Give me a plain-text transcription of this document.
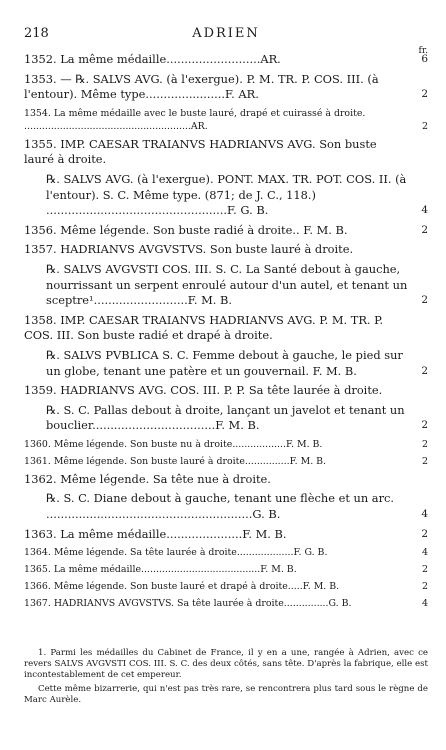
218	ADRIEN
fr.
1352. La même médaille..........................AR.	6
1353. — ℞. SALVS AVG. (à l'exergue). P. M. TR. P. COS. III. (à l'entour). Même type......................F. AR.	2
1354. La même médaille avec le buste lauré, drapé et cuirassé à droite. ........................................................AR.	2
1355. IMP. CAESAR TRAIANVS HADRIANVS AVG. Son buste lauré à droite.
℞. SALVS AVG. (à l'exergue). PONT. MAX. TR. POT. COS. II. (à l'entour). S. C. Même type. (871; de J. C., 118.) ..................................................F. G. B.	4
1356. Même légende. Son buste radié à droite.. F. M. B.	2
1357. HADRIANVS AVGVSTVS. Son buste lauré à droite.
℞. SALVS AVGVSTI COS. III. S. C. La Santé debout à gauche, nourrissant un serpent enroulé autour d'un autel, et tenant un sceptre¹..........................F. M. B.	2
1358. IMP. CAESAR TRAIANVS HADRIANVS AVG. P. M. TR. P. COS. III. Son buste radié et drapé à droite.
℞. SALVS PVBLICA S. C. Femme debout à gauche, le pied sur un globe, tenant une patère et un gouvernail. F. M. B.	2
1359. HADRIANVS AVG. COS. III. P. P. Sa tête laurée à droite.
℞. S. C. Pallas debout à droite, lançant un javelot et tenant un bouclier..................................F. M. B.	2
1360. Même légende. Son buste nu à droite..................F. M. B.	2
1361. Même légende. Son buste lauré à droite...............F. M. B.	2
1362. Même légende. Sa tête nue à droite.
℞. S. C. Diane debout à gauche, tenant une flèche et un arc. .........................................................G. B.	4
1363. La même médaille.....................F. M. B.	2
1364. Même légende. Sa tête laurée à droite...................F. G. B.	4
1365. La même médaille........................................F. M. B.	2
1366. Même légende. Son buste lauré et drapé à droite.....F. M. B.	2
1367. HADRIANVS AVGVSTVS. Sa tête laurée à droite...............G. B.	4

1. Parmi les médailles du Cabinet de France, il y en a une, rangée à Adrien, avec ce revers SALVS AVGVSTI COS. III. S. C. des deux côtés, sans tête. D'après la fabrique, elle est incontestablement de cet empereur.

Cette même bizarrerie, qui n'est pas très rare, se rencontrera plus tard sous le règne de Marc Aurèle.
